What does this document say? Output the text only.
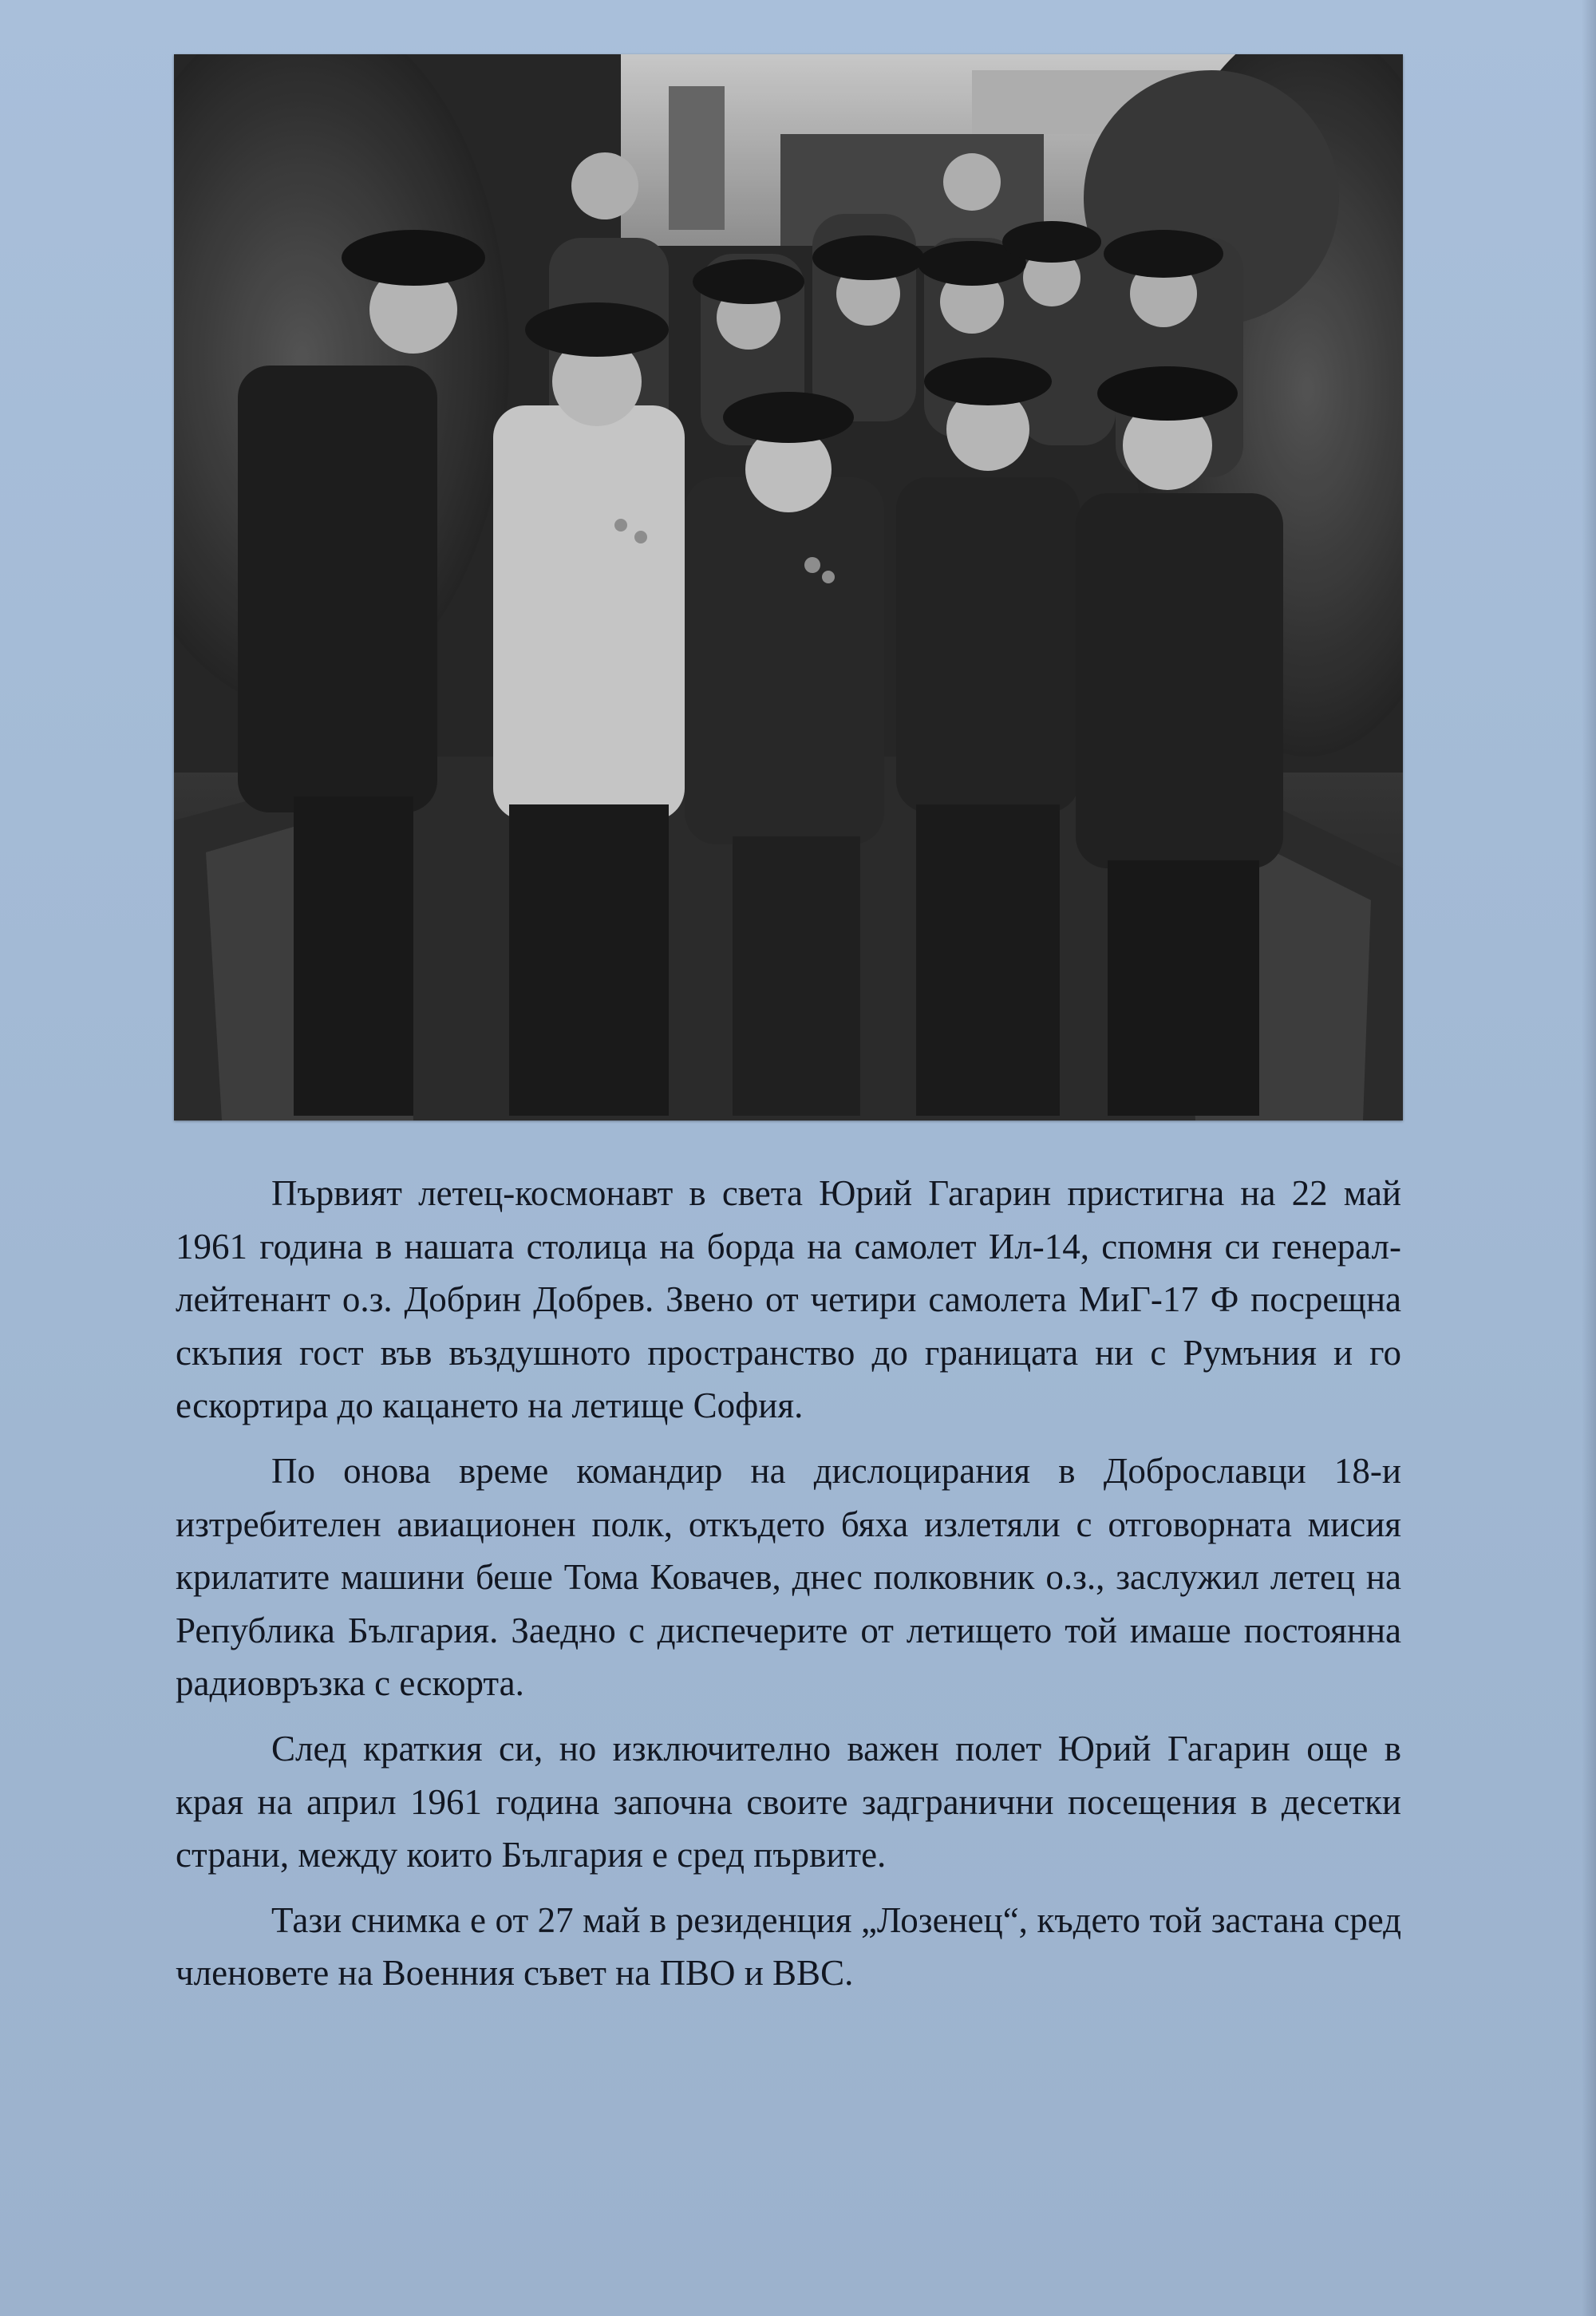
Първият летец-космонавт в света Юрий Гагарин пристигна на 22 май 1961 година в нашата столица на борда на самолет Ил-14, спомня си генерал-лейтенант о.з. Добрин Добрев. Звено от четири самолета МиГ-17 Ф посрещна скъпия гост във въздушното пространство до границата ни с Румъния и го ескортира до кацането на летище София.

По онова време командир на дислоцирания в Доброславци 18-и изтребителен авиационен полк, откъдето бяха излетяли с отговорната мисия крилатите машини беше Тома Ковачев, днес полковник о.з., заслужил летец на Република България. Заедно с диспечерите от летището той имаше постоянна радиовръзка с ескорта.

След краткия си, но изключително важен полет Юрий Гагарин още в края на април 1961 година започна своите задгранични посещения в десетки страни, между които България е сред първите.

Тази снимка е от 27 май в резиденция „Лозенец“, където той застана сред членовете на Военния съвет на ПВО и ВВС.
